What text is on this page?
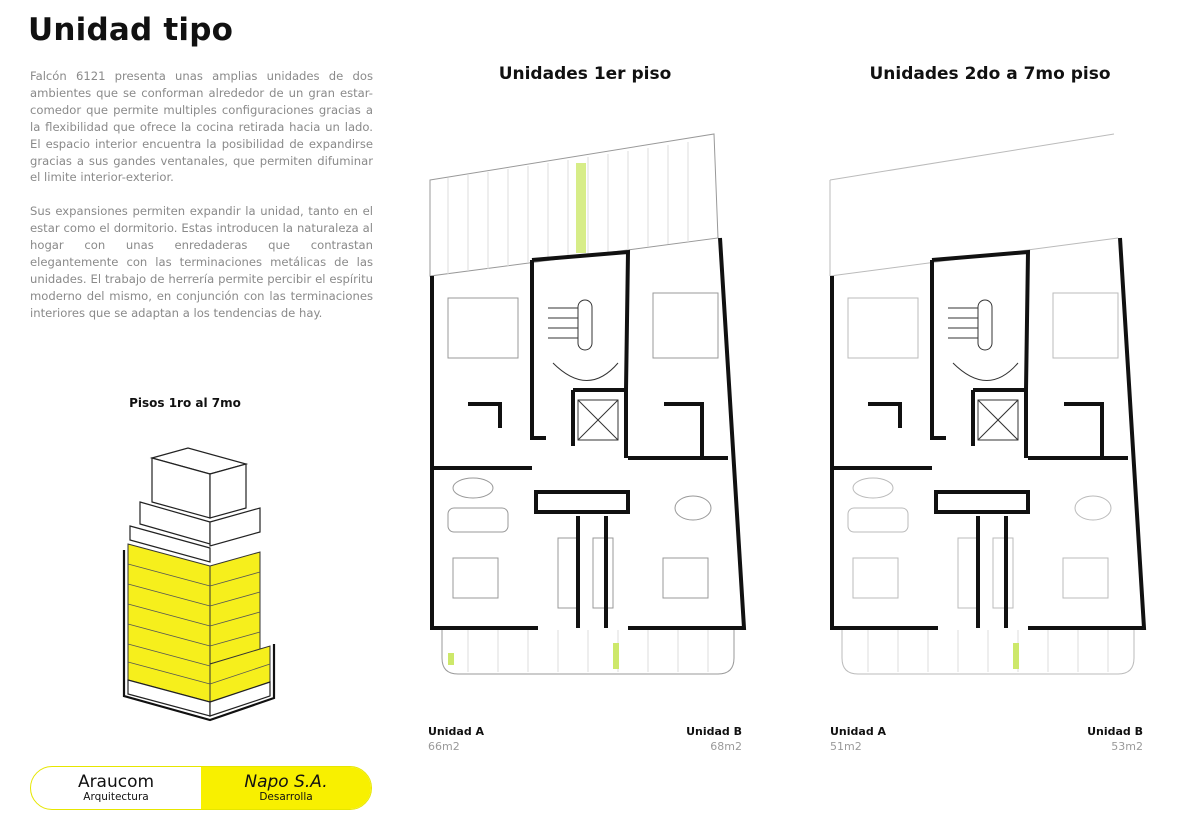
Unidad tipo

Falcón 6121 presenta unas amplias unidades de dos ambientes que se conforman alrededor de un gran estar-comedor que permite multiples configuraciones gracias a la flexibilidad que ofrece la cocina retirada hacia un lado. El espacio interior encuentra la posibilidad de expandirse gracias a sus gandes ventanales, que permiten difuminar el limite interior-exterior.

Sus expansiones permiten expandir la unidad, tanto en el estar como el dormitorio. Estas introducen la naturaleza al hogar con unas enredaderas que contrastan elegantemente con las terminaciones metálicas de las unidades. El trabajo de herrería permite percibir el espíritu moderno del mismo, en conjunción con las terminaciones interiores que se adaptan a los tendencias de hay.

Pisos 1ro al 7mo
Unidades 1er piso
Unidad A
66m2
Unidad B
68m2
Unidades 2do a 7mo piso
Unidad A
51m2
Unidad B
53m2
Araucom
Arquitectura
Napo S.A.
Desarrolla
